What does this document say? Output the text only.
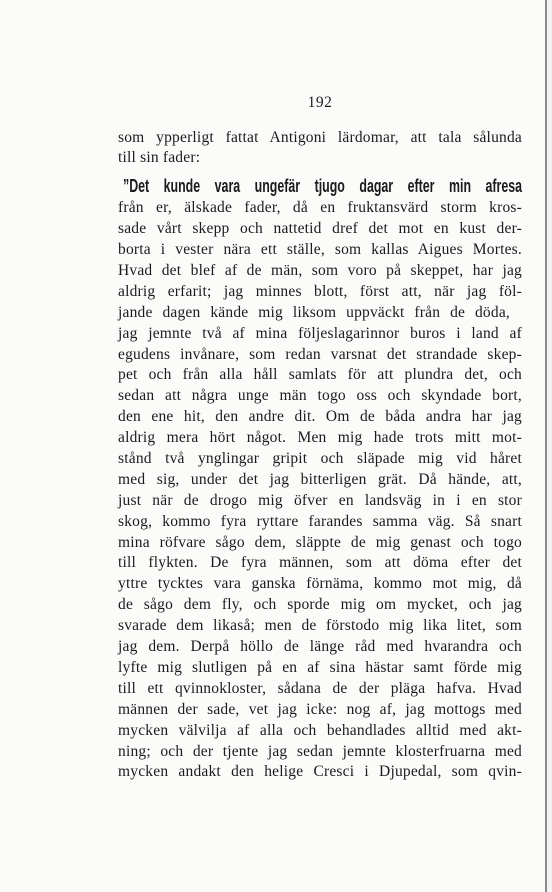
192
som ypperligt fattat Antigoni lärdomar, att tala sålunda
till sin fader:
”Det kunde vara ungefär tjugo dagar efter min afresa
från er, älskade fader, då en fruktansvärd storm kros-
sade vårt skepp och nattetid dref det mot en kust der-
borta i vester nära ett ställe, som kallas Aigues Mortes.
Hvad det blef af de män, som voro på skeppet, har jag
aldrig erfarit; jag minnes blott, först att, när jag föl-
jande dagen kände mig liksom uppväckt från de döda,
jag jemnte två af mina följeslagarinnor buros i land af
egudens invånare, som redan varsnat det strandade skep-
pet och från alla håll samlats för att plundra det, och
sedan att några unge män togo oss och skyndade bort,
den ene hit, den andre dit. Om de båda andra har jag
aldrig mera hört något. Men mig hade trots mitt mot-
stånd två ynglingar gripit och släpade mig vid håret
med sig, under det jag bitterligen grät. Då hände, att,
just när de drogo mig öfver en landsväg in i en stor
skog, kommo fyra ryttare farandes samma väg. Så snart
mina röfvare sågo dem, släppte de mig genast och togo
till flykten. De fyra männen, som att döma efter det
yttre tycktes vara ganska förnäma, kommo mot mig, då
de sågo dem fly, och sporde mig om mycket, och jag
svarade dem likaså; men de förstodo mig lika litet, som
jag dem. Derpå höllo de länge råd med hvarandra och
lyfte mig slutligen på en af sina hästar samt förde mig
till ett qvinnokloster, sådana de der pläga hafva. Hvad
männen der sade, vet jag icke: nog af, jag mottogs med
mycken välvilja af alla och behandlades alltid med akt-
ning; och der tjente jag sedan jemnte klosterfruarna med
mycken andakt den helige Cresci i Djupedal, som qvin-
